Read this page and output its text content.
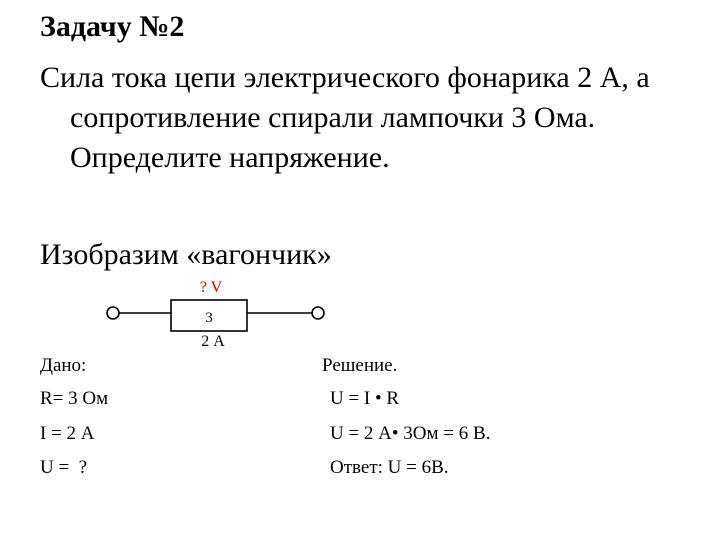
Задачу №2

Сила тока цепи электрического фонарика 2 А, а сопротивление спирали лампочки 3 Ома. Определите напряжение.

Изобразим «вагончик»

? V
3
2 А
Дано:
R= 3 Ом
I = 2 А
U =  ?
Решение.
U = I • R
U = 2 А• 3Ом = 6 В.
Ответ: U = 6В.
